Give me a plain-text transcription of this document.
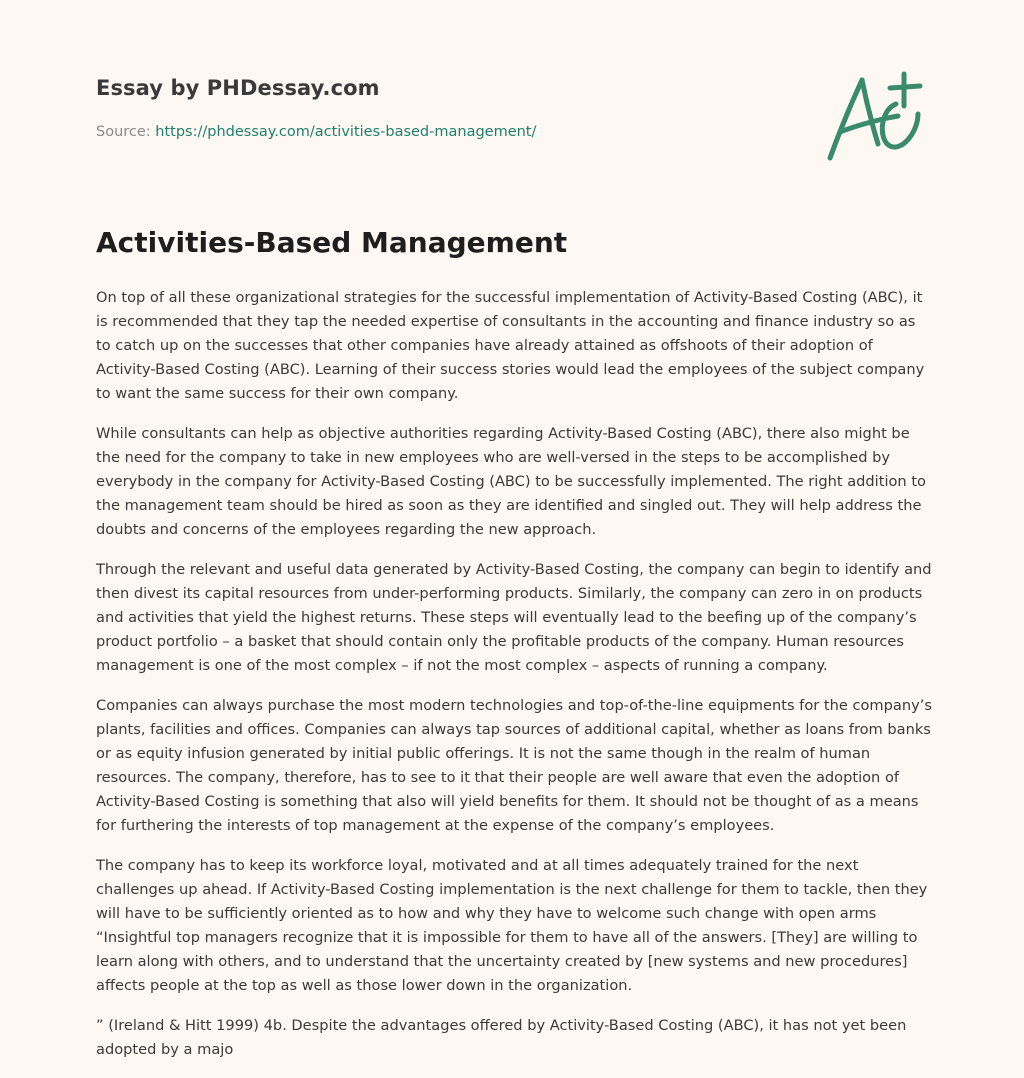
Essay by PHDessay.com
Source: https://phdessay.com/activities-based-management/
Activities-Based Management

On top of all these organizational strategies for the successful implementation of Activity-Based Costing (ABC), it is recommended that they tap the needed expertise of consultants in the accounting and finance industry so as to catch up on the successes that other companies have already attained as offshoots of their adoption of Activity-Based Costing (ABC). Learning of their success stories would lead the employees of the subject company to want the same success for their own company.

While consultants can help as objective authorities regarding Activity-Based Costing (ABC), there also might be the need for the company to take in new employees who are well-versed in the steps to be accomplished by everybody in the company for Activity-Based Costing (ABC) to be successfully implemented. The right addition to the management team should be hired as soon as they are identified and singled out. They will help address the doubts and concerns of the employees regarding the new approach.

Through the relevant and useful data generated by Activity-Based Costing, the company can begin to identify and then divest its capital resources from under-performing products. Similarly, the company can zero in on products and activities that yield the highest returns. These steps will eventually lead to the beefing up of the company’s product portfolio – a basket that should contain only the profitable products of the company. Human resources management is one of the most complex – if not the most complex – aspects of running a company.

Companies can always purchase the most modern technologies and top-of-the-line equipments for the company’s plants, facilities and offices. Companies can always tap sources of additional capital, whether as loans from banks or as equity infusion generated by initial public offerings. It is not the same though in the realm of human resources. The company, therefore, has to see to it that their people are well aware that even the adoption of Activity-Based Costing is something that also will yield benefits for them. It should not be thought of as a means for furthering the interests of top management at the expense of the company’s employees.

The company has to keep its workforce loyal, motivated and at all times adequately trained for the next challenges up ahead. If Activity-Based Costing implementation is the next challenge for them to tackle, then they will have to be sufficiently oriented as to how and why they have to welcome such change with open arms “Insightful top managers recognize that it is impossible for them to have all of the answers. [They] are willing to learn along with others, and to understand that the uncertainty created by [new systems and new procedures] affects people at the top as well as those lower down in the organization.

” (Ireland & Hitt 1999) 4b. Despite the advantages offered by Activity-Based Costing (ABC), it has not yet been adopted by a majo
